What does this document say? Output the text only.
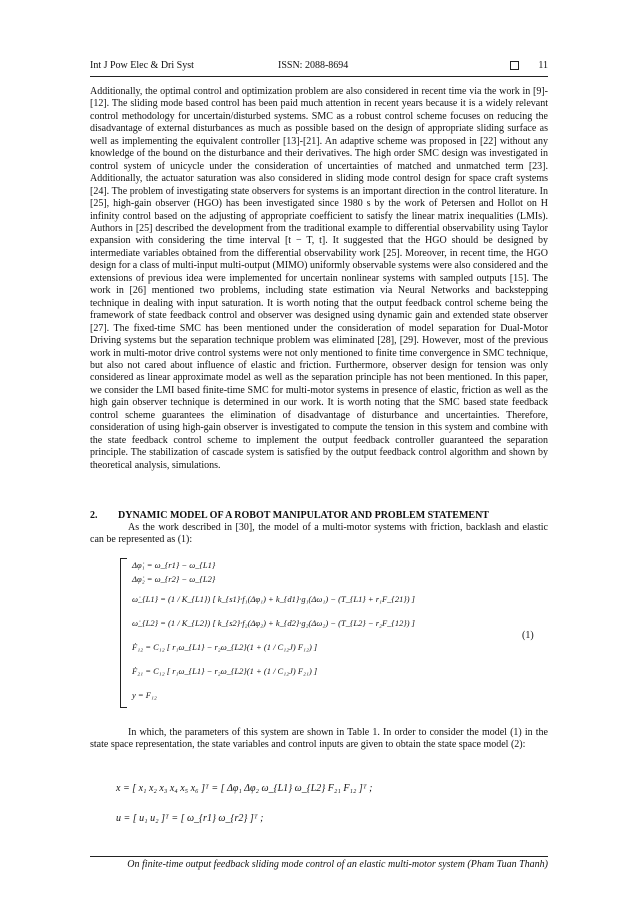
Int J Pow Elec & Dri Syst	ISSN: 2088-8694	11

Additionally, the optimal control and optimization problem are also considered in recent time via the work in [9]-[12]. The sliding mode based control has been paid much attention in recent years because it is a widely relevant control methodology for uncertain/disturbed systems. SMC as a robust control scheme focuses on reducing the disadvantage of external disturbances as much as possible based on the design of appropriate sliding surface as well as implementing the equivalent controller [13]-[21]. An adaptive scheme was proposed in [22] without any knowledge of the bound on the disturbance and their derivatives. The high order SMC design was investigated in control system of unicycle under the consideration of uncertainties of matched and unmatched term [23]. Additionally, the actuator saturation was also considered in sliding mode control design for space craft systems [24]. The problem of investigating state observers for systems is an important direction in the control literature. In [25], high-gain observer (HGO) has been investigated since 1980 s by the work of Petersen and Hollot on H infinity control based on the adjusting of appropriate coefficient to satisfy the linear matrix inequalities (LMIs). Authors in [25] described the development from the traditional example to differential observability using Taylor expansion with considering the time interval [t − T, t]. It suggested that the HGO should be designed by intermediate variables obtained from the differential observability work [25]. Moreover, in recent time, the HGO design for a class of multi-input multi-output (MIMO) uniformly observable systems were also considered and the extensions of previous idea were implemented for uncertain nonlinear systems with sampled outputs [15]. The work in [26] mentioned two problems, including state estimation via Neural Networks and backstepping technique in dealing with input saturation. It is worth noting that the output feedback control scheme being the framework of state feedback control and observer was designed using dynamic gain and extended state observer [27]. The fixed-time SMC has been mentioned under the consideration of model separation for Dual-Motor Driving systems but the separation technique problem was eliminated [28], [29]. However, most of the previous work in multi-motor drive control systems were not only mentioned to finite time convergence in SMC technique, but also not cared about influence of elastic and friction. Furthermore, observer design for tension was only considered as linear approximate model as well as the separation principle has not been mentioned. In this paper, we consider the LMI based finite-time SMC for multi-motor systems in presence of elastic, friction as well as the high gain observer technique is determined in our work. It is worth noting that the SMC based state feedback control scheme guarantees the elimination of disadvantage of disturbance and uncertainties. Therefore, consideration of using high-gain observer is investigated to compute the tension in this system and combine with the state feedback control scheme to implement the output feedback controller guaranteed the separation principle. The stabilization of cascade system is satisfied by the output feedback control algorithm and shown by theoretical analysis, simulations.

2. DYNAMIC MODEL OF A ROBOT MANIPULATOR AND PROBLEM STATEMENT

As the work described in [30], the model of a multi-motor systems with friction, backlash and elastic can be represented as (1):

Δφ̇₁ = ω_{r1} − ω_{L1}
Δφ̇₂ = ω_{r2} − ω_{L2}
ω̇_{L1} = (1 / K_{L1}) [ k_{s1}·f₁(Δφ₁) + k_{d1}·g₁(Δω₁) − (T_{L1} + r₁F_{21}) ]
ω̇_{L2} = (1 / K_{L2}) [ k_{s2}·f₂(Δφ₂) + k_{d2}·g₂(Δω₂) − (T_{L2} − r₂F_{12}) ]
Ḟ₁₂ = C₁₂ [ r₁ω_{L1} − r₂ω_{L2}(1 + (1 / C₁₂J) F₁₂) ]
Ḟ₂₁ = C₁₂ [ r₁ω_{L1} − r₂ω_{L2}(1 + (1 / C₁₂J) F₂₁) ]
y = F₁₂
(1)

In which, the parameters of this system are shown in Table 1. In order to consider the model (1) in the state space representation, the state variables and control inputs are given to obtain the state space model (2):

x = [ x₁ x₂ x₃ x₄ x₅ x₆ ]ᵀ = [ Δφ₁ Δφ₂ ω_{L1} ω_{L2} F₂₁ F₁₂ ]ᵀ ;
u = [ u₁ u₂ ]ᵀ = [ ω_{r1} ω_{r2} ]ᵀ ;
On finite-time output feedback sliding mode control of an elastic multi-motor system (Pham Tuan Thanh)
